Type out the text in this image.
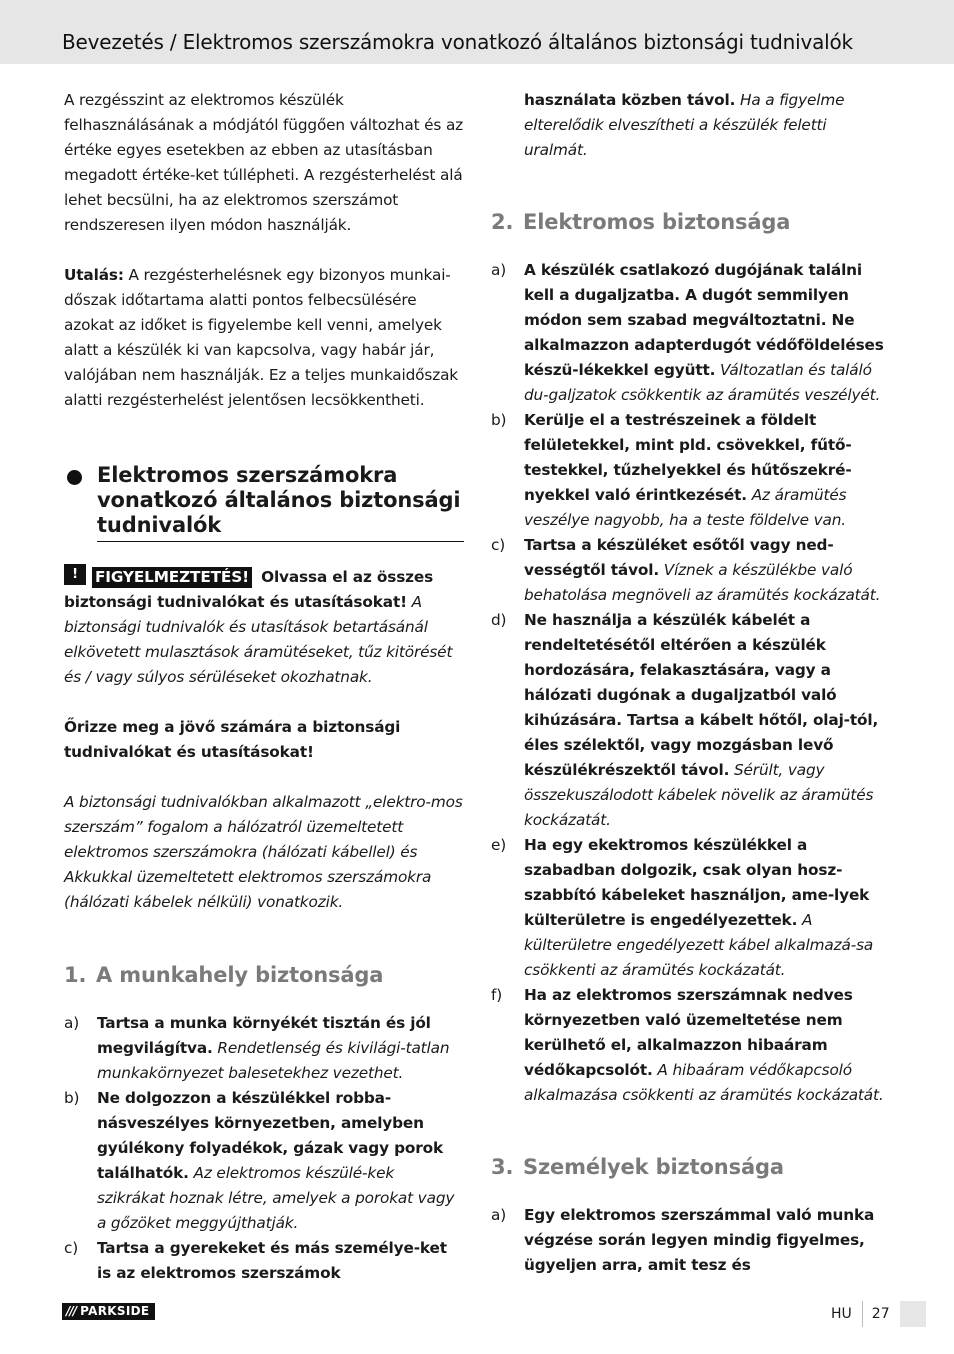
Bevezetés / Elektromos szerszámokra vonatkozó általános biztonsági tudnivalók

A rezgésszint az elektromos készülék felhasználásának a módjától függően változhat és az értéke egyes esetekben az ebben az utasításban megadott értéke-ket túllépheti. A rezgésterhelést alá lehet becsülni, ha az elektromos szerszámot rendszeresen ilyen módon használják.

Utalás: A rezgésterhelésnek egy bizonyos munkai-dőszak időtartama alatti pontos felbecsülésére azokat az időket is figyelembe kell venni, amelyek alatt a készülék ki van kapcsolva, vagy habár jár, valójában nem használják. Ez a teljes munkaidőszak alatti rezgésterhelést jelentősen lecsökkentheti.

Elektromos szerszámokra vonatkozó általános biztonsági tudnivalók

!	FIGYELMEZTETÉS! Olvassa el az összes biztonsági tudnivalókat és utasításokat! A biztonsági tudnivalók és utasítások betartásánál elkövetett mulasztások áramütéseket, tűz kitörését és / vagy súlyos sérüléseket okozhatnak.

Őrizze meg a jövő számára a biztonsági tudnivalókat és utasításokat!

A biztonsági tudnivalókban alkalmazott „elektro-mos szerszám” fogalom a hálózatról üzemeltetett elektromos szerszámokra (hálózati kábellel) és Akkukkal üzemeltetett elektromos szerszámokra (hálózati kábelek nélküli) vonatkozik.

1. A munkahely biztonsága

a)	Tartsa a munka környékét tisztán és jól megvilágítva. Rendetlenség és kivilági-tatlan munkakörnyezet balesetekhez vezethet.
b)	Ne dolgozzon a készülékkel robba-násveszélyes környezetben, amelyben gyúlékony folyadékok, gázak vagy porok találhatók. Az elektromos készülé-kek szikrákat hoznak létre, amelyek a porokat vagy a gőzöket meggyújthatják.
c)	Tartsa a gyerekeket és más személye-ket is az elektromos szerszámok

használata közben távol. Ha a figyelme elterelődik elveszítheti a készülék feletti uralmát.

2. Elektromos biztonsága

a)	A készülék csatlakozó dugójának találni kell a dugaljzatba. A dugót semmilyen módon sem szabad megváltoztatni. Ne alkalmazzon adapterdugót védőföldeléses készü-lékekkel együtt. Változatlan és találó du-galjzatok csökkentik az áramütés veszélyét.
b)	Kerülje el a testrészeinek a földelt felületekkel, mint pld. csövekkel, fűtő-testekkel, tűzhelyekkel és hűtőszekré-nyekkel való érintkezését. Az áramütés veszélye nagyobb, ha a teste földelve van.
c)	Tartsa a készüléket esőtől vagy ned-vességtől távol. Víznek a készülékbe való behatolása megnöveli az áramütés kockázatát.
d)	Ne használja a készülék kábelét a rendeltetésétől eltérően a készülék hordozására, felakasztására, vagy a hálózati dugónak a dugaljzatból való kihúzására. Tartsa a kábelt hőtől, olaj-tól, éles szélektől, vagy mozgásban levő készülékrészektől távol. Sérült, vagy összekuszálodott kábelek növelik az áramütés kockázatát.
e)	Ha egy ekektromos készülékkel a szabadban dolgozik, csak olyan hosz-szabbító kábeleket használjon, ame-lyek külterületre is engedélyezettek. A külterületre engedélyezett kábel alkalmazá-sa csökkenti az áramütés kockázatát.
f)	Ha az elektromos szerszámnak nedves környezetben való üzemeltetése nem kerülhető el, alkalmazzon hibaáram védőkapcsolót. A hibaáram védőkapcsoló alkalmazása csökkenti az áramütés kockázatát.

3. Személyek biztonsága

a)	Egy elektromos szerszámmal való munka végzése során legyen mindig figyelmes, ügyeljen arra, amit tesz és
/// PARKSIDE	HU 27
